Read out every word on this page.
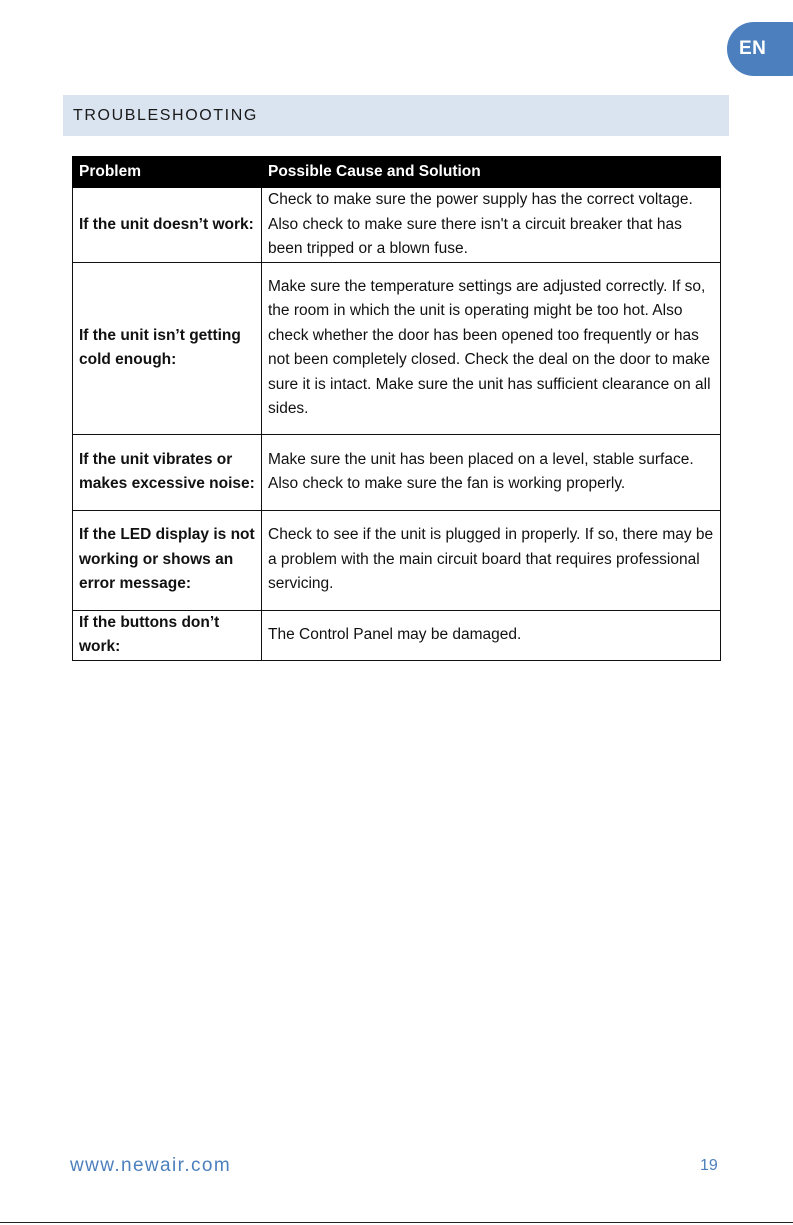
EN
TROUBLESHOOTING
Problem	Possible Cause and Solution
If the unit doesn’t work:	Check to make sure the power supply has the correct voltage. Also check to make sure there isn't a circuit breaker that has been tripped or a blown fuse.
If the unit isn’t getting cold enough:	Make sure the temperature settings are adjusted correctly. If so, the room in which the unit is operating might be too hot. Also check whether the door has been opened too frequently or has not been completely closed. Check the deal on the door to make sure it is intact. Make sure the unit has sufficient clearance on all sides.
If the unit vibrates or makes excessive noise:	Make sure the unit has been placed on a level, stable surface. Also check to make sure the fan is working properly.
If the LED display is not working or shows an error message:	Check to see if the unit is plugged in properly. If so, there may be a problem with the main circuit board that requires professional servicing.
If the buttons don’t work:	The Control Panel may be damaged.
www.newair.com	19
